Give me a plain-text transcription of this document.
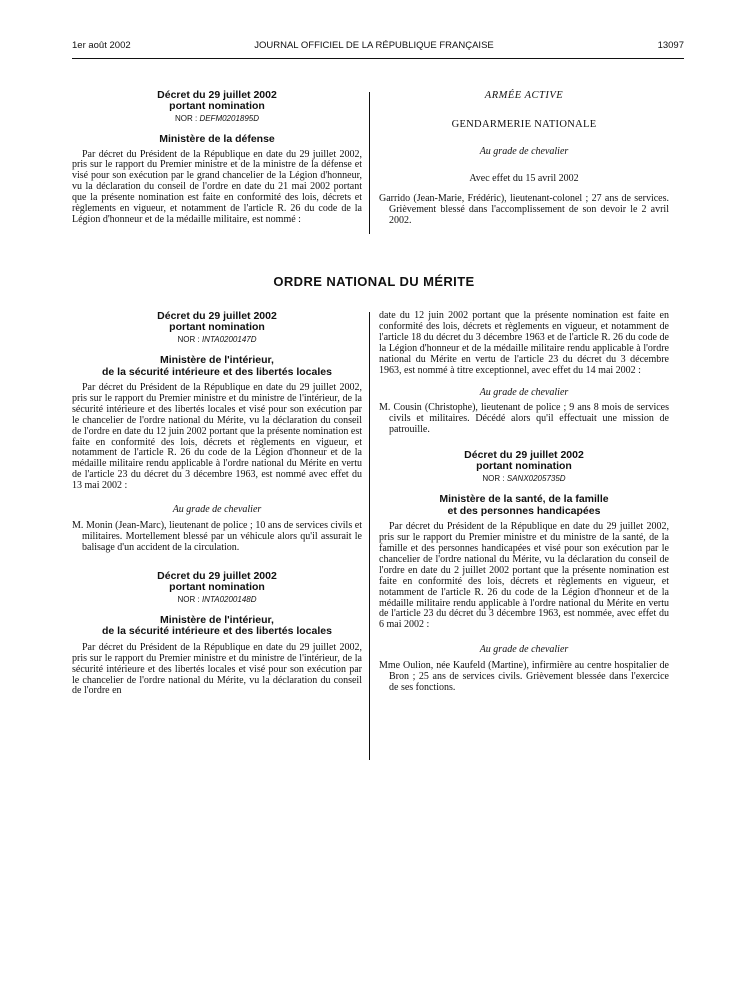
1er août 2002	JOURNAL OFFICIEL DE LA RÉPUBLIQUE FRANÇAISE	13097
Décret du 29 juillet 2002
portant nomination
NOR : DEFM0201895D
Ministère de la défense

Par décret du Président de la République en date du 29 juillet 2002, pris sur le rapport du Premier ministre et de la ministre de la défense et visé pour son exécution par le grand chancelier de la Légion d'honneur, vu la déclaration du conseil de l'ordre en date du 21 mai 2002 portant que la présente nomination est faite en conformité des lois, décrets et règlements en vigueur, et notamment de l'article R. 26 du code de la Légion d'honneur et de la médaille militaire, est nommé :

ARMÉE ACTIVE
GENDARMERIE NATIONALE
Au grade de chevalier
Avec effet du 15 avril 2002

Garrido (Jean-Marie, Frédéric), lieutenant-colonel ; 27 ans de services. Grièvement blessé dans l'accomplissement de son devoir le 2 avril 2002.

ORDRE NATIONAL DU MÉRITE
Décret du 29 juillet 2002
portant nomination
NOR : INTA0200147D
Ministère de l'intérieur,
de la sécurité intérieure et des libertés locales

Par décret du Président de la République en date du 29 juillet 2002, pris sur le rapport du Premier ministre et du ministre de l'intérieur, de la sécurité intérieure et des libertés locales et visé pour son exécution par le chancelier de l'ordre national du Mérite, vu la déclaration du conseil de l'ordre en date du 12 juin 2002 portant que la présente nomination est faite en conformité des lois, décrets et règlements en vigueur, et notamment de l'article R. 26 du code de la Légion d'honneur et de la médaille militaire rendu applicable à l'ordre national du Mérite en vertu de l'article 23 du décret du 3 décembre 1963, est nommé avec effet du 13 mai 2002 :

Au grade de chevalier

M. Monin (Jean-Marc), lieutenant de police ; 10 ans de services civils et militaires. Mortellement blessé par un véhicule alors qu'il assurait le balisage d'un accident de la circulation.

Décret du 29 juillet 2002
portant nomination
NOR : INTA0200148D
Ministère de l'intérieur,
de la sécurité intérieure et des libertés locales

Par décret du Président de la République en date du 29 juillet 2002, pris sur le rapport du Premier ministre et du ministre de l'intérieur, de la sécurité intérieure et des libertés locales et visé pour son exécution par le chancelier de l'ordre national du Mérite, vu la déclaration du conseil de l'ordre en

date du 12 juin 2002 portant que la présente nomination est faite en conformité des lois, décrets et règlements en vigueur, et notamment de l'article 18 du décret du 3 décembre 1963 et de l'article R. 26 du code de la Légion d'honneur et de la médaille militaire rendu applicable à l'ordre national du Mérite en vertu de l'article 23 du décret du 3 décembre 1963, est nommé à titre exceptionnel, avec effet du 14 mai 2002 :

Au grade de chevalier

M. Cousin (Christophe), lieutenant de police ; 9 ans 8 mois de services civils et militaires. Décédé alors qu'il effectuait une mission de patrouille.

Décret du 29 juillet 2002
portant nomination
NOR : SANX0205735D
Ministère de la santé, de la famille
et des personnes handicapées

Par décret du Président de la République en date du 29 juillet 2002, pris sur le rapport du Premier ministre et du ministre de la santé, de la famille et des personnes handicapées et visé pour son exécution par le chancelier de l'ordre national du Mérite, vu la déclaration du conseil de l'ordre en date du 2 juillet 2002 portant que la présente nomination est faite en conformité des lois, décrets et règlements en vigueur, et notamment de l'article R. 26 du code de la Légion d'honneur et de la médaille militaire rendu applicable à l'ordre national du Mérite en vertu de l'article 23 du décret du 3 décembre 1963, est nommée, avec effet du 6 mai 2002 :

Au grade de chevalier

Mme Oulion, née Kaufeld (Martine), infirmière au centre hospitalier de Bron ; 25 ans de services civils. Grièvement blessée dans l'exercice de ses fonctions.
